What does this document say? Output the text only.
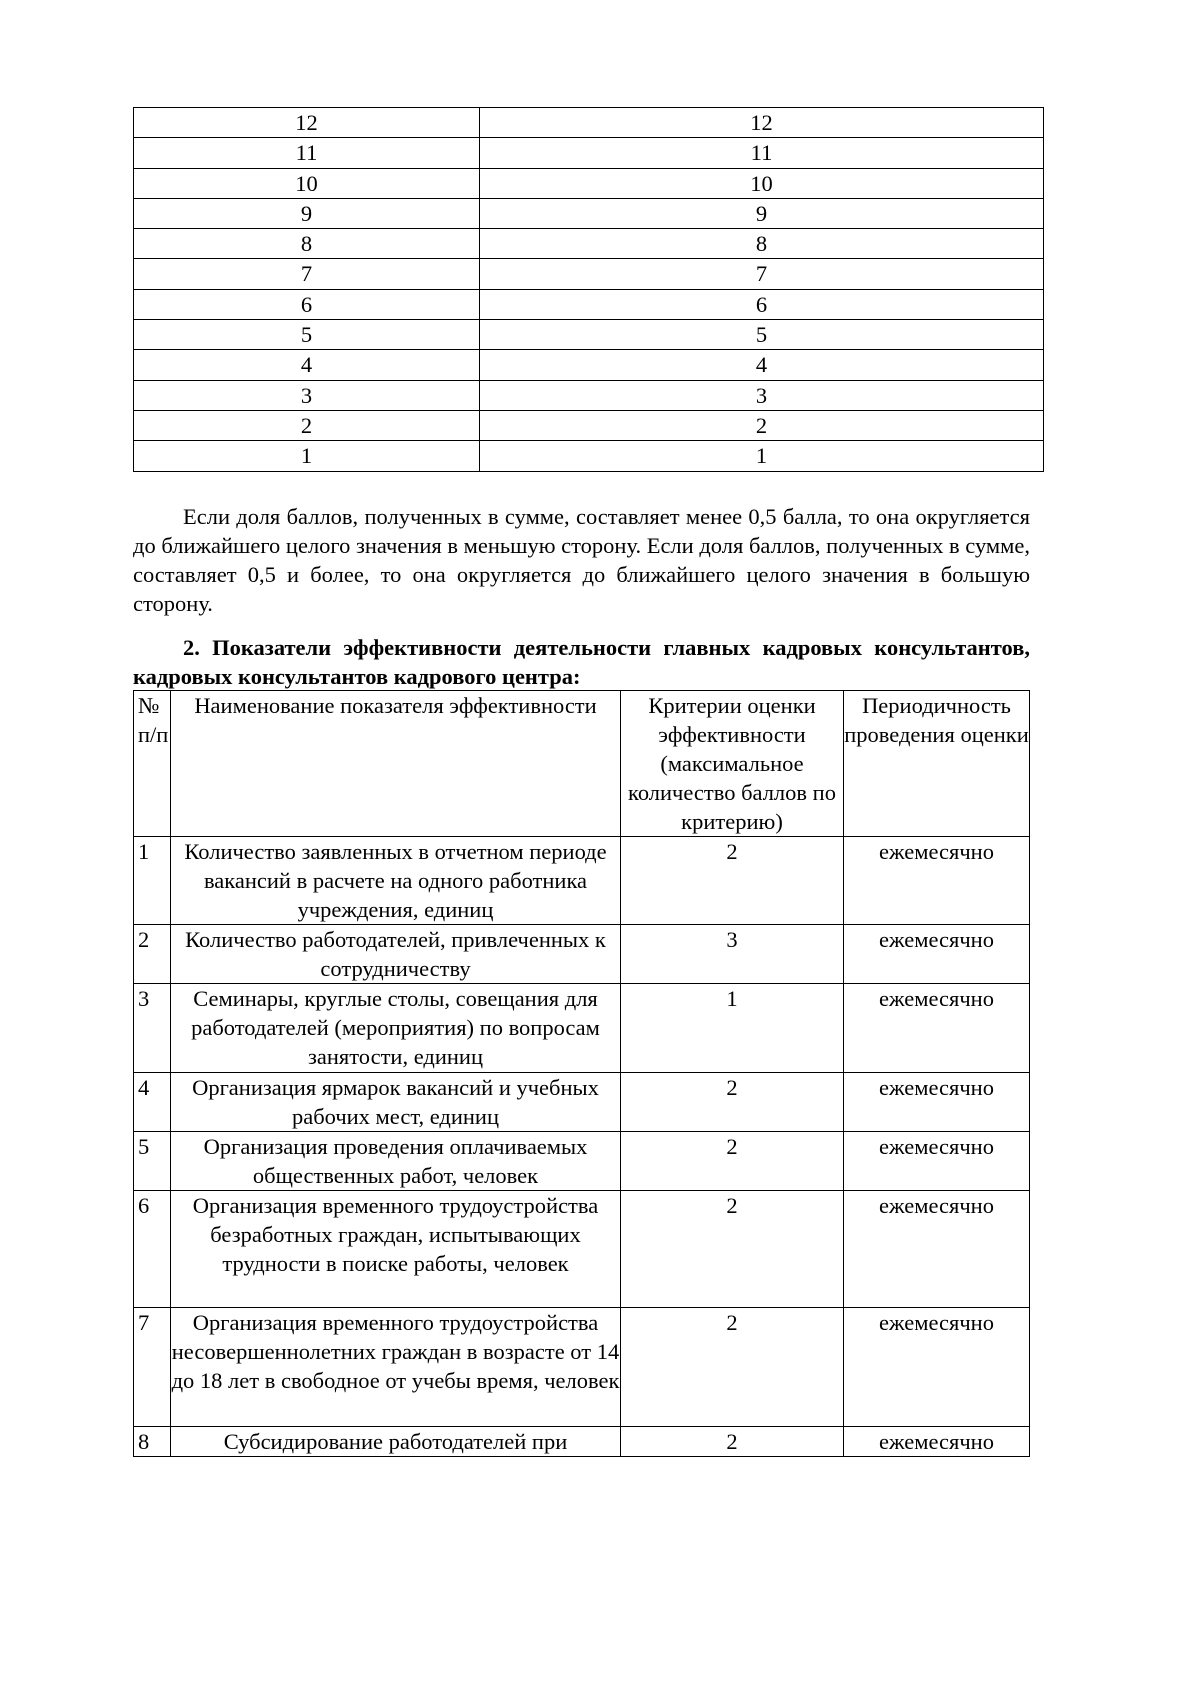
12	12
11	11
10	10
9	9
8	8
7	7
6	6
5	5
4	4
3	3
2	2
1	1

Если доля баллов, полученных в сумме, составляет менее 0,5 балла, то она округляется до ближайшего целого значения в меньшую сторону. Если доля баллов, полученных в сумме, составляет 0,5 и более, то она округляется до ближайшего целого значения в большую сторону.

2. Показатели эффективности деятельности главных кадровых консультантов, кадровых консультантов кадрового центра:

№ п/п	Наименование показателя эффективности	Критерии оценки эффективности (максимальное количество баллов по критерию)	Периодичность проведения оценки
1	Количество заявленных в отчетном периоде вакансий в расчете на одного работника учреждения, единиц	2	ежемесячно
2	Количество работодателей, привлеченных к сотрудничеству	3	ежемесячно
3	Семинары, круглые столы, совещания для работодателей (мероприятия) по вопросам занятости, единиц	1	ежемесячно
4	Организация ярмарок вакансий и учебных рабочих мест, единиц	2	ежемесячно
5	Организация проведения оплачиваемых общественных работ, человек	2	ежемесячно
6	Организация временного трудоустройства безработных граждан, испытывающих трудности в поиске работы, человек	2	ежемесячно
7	Организация временного трудоустройства несовершеннолетних граждан в возрасте от 14 до 18 лет в свободное от учебы время, человек	2	ежемесячно
8	Субсидирование работодателей при	2	ежемесячно
